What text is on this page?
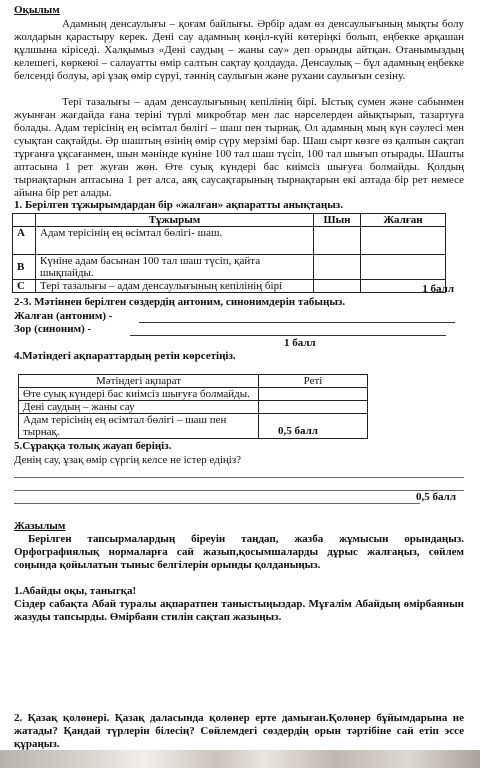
Оқылым
Адамның денсаулығы – қоғам байлығы. Әрбір адам өз денсаулығының мықты болу жолдарын қарастыру керек. Дені сау адамның көңіл-күйі көтеріңкі болып, еңбекке әрқашан құлшына кіріседі. Халқымыз «Дені саудың – жаны сау» деп орынды айтқан. Отанымыздың келешегі, көркеюі – салауатты өмір салтын сақтау қолдауда. Денсаулық – бұл адамның еңбекке белсенді болуы, әрі ұзақ өмір сүруі, тәннің саулығын және рухани саулығын сезіну.
Тері тазалығы – адам денсаулығының кепілінің бірі. Ыстық сумен және сабынмен жуынған жағдайда ғана теріні түрлі микробтар мен лас нәрселерден айықтырып, тазартуға болады. Адам терісінің ең өсімтал бөлігі – шаш пен тырнақ. Ол адамның мың күн сәулесі мен суықтан сақтайды. Әр шаштың өзінің өмір сүру мерзімі бар. Шаш сырт көзге өз қалпын сақтап тұрғанға ұқсағанмен, шын мәнінде күніне 100 тал шаш түсіп, 100 тал шығып отырады. Шашты аптасына 1 рет жуған жөн. Өте суық күндері бас киімсіз шығуға болмайды. Қолдың тырнақтарын аптасына 1 рет алса, аяқ саусақтарының тырнақтарын екі аптада бір рет немесе айына бір рет алады.
1. Берілген тұжырымдардан бір «жалған» ақпаратты анықтаңыз.
	Тұжырым	Шын	Жалған
А	Адам терісінің ең өсімтал бөлігі- шаш.		
В	Күніне адам басынан 100 тал шаш түсіп, қайта шықпайды.		
С	Тері тазалығы – адам денсаулығының кепілінің бірі			1 балл
2-3. Мәтіннен берілген сөздердің антоним, синонимдерін табыңыз.
Жалған (антоним) -
Зор (синоним) -
1 балл
4.Мәтіндегі ақпараттардың ретін көрсетіңіз.
Мәтіндегі ақпарат	Реті
Өте суық күндері бас киімсіз шығуға болмайды.	
Дені саудың – жаны сау	
Адам терісінің ең өсімтал бөлігі – шаш пен тырнақ.		0,5 балл
5.Сұраққа толық жауап беріңіз.
Денің сау, ұзақ өмір сүргің келсе не істер едіңіз?
0,5 балл
Жазылым
Берілген тапсырмалардың біреуін таңдап, жазба жұмысын орындаңыз. Орфографиялық нормаларға сай жазып,қосымшаларды дұрыс жалғаңыз, сөйлем соңында қойылатын тыныс белгілерін орынды қолданыңыз.
1.Абайды оқы, таныrқа!
Сіздер сабақта Абай туралы ақпаратпен таныстыңыздар. Мұғалім Абайдың өмірбаянын жазуды тапсырды. Өмірбаян стилін сақтап жазыңыз.
2. Қазақ қолөнері. Қазақ даласында қолөнер ерте дамыған.Қолөнер бұйымдарына не жатады? Қандай түрлерін білесің? Сөйлемдегі сөздердің орын тәртібіне сай етіп эссе құраңыз.
